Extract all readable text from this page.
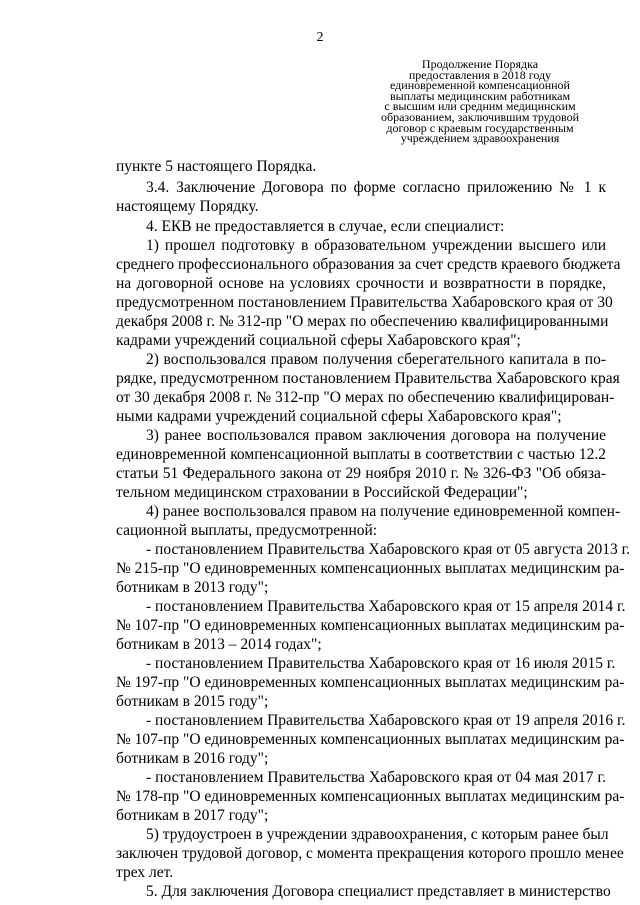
2
Продолжение Порядка
предоставления в 2018 году
единовременной компенсационной
выплаты медицинским работникам
с высшим или средним медицинским
образованием, заключившим трудовой
договор с краевым государственным
учреждением здравоохранения
пункте 5 настоящего Порядка.
3.4. Заключение Договора по форме согласно приложению № 1 к
настоящему Порядку.
4. ЕКВ не предоставляется в случае, если специалист:
1) прошел подготовку в образовательном учреждении высшего или
среднего профессионального образования за счет средств краевого бюджета
на договорной основе на условиях срочности и возвратности в порядке,
предусмотренном постановлением Правительства Хабаровского края от 30
декабря 2008 г. № 312-пр "О мерах по обеспечению квалифицированными
кадрами учреждений социальной сферы Хабаровского края";
2) воспользовался правом получения сберегательного капитала в по-
рядке, предусмотренном постановлением Правительства Хабаровского края
от 30 декабря 2008 г. № 312-пр "О мерах по обеспечению квалифицирован-
ными кадрами учреждений социальной сферы Хабаровского края";
3) ранее воспользовался правом заключения договора на получение
единовременной компенсационной выплаты в соответствии с частью 12.2
статьи 51 Федерального закона от 29 ноября 2010 г. № 326-ФЗ "Об обяза-
тельном медицинском страховании в Российской Федерации";
4) ранее воспользовался правом на получение единовременной компен-
сационной выплаты, предусмотренной:
- постановлением Правительства Хабаровского края от 05 августа 2013 г.
№ 215-пр "О единовременных компенсационных выплатах медицинским ра-
ботникам в 2013 году";
- постановлением Правительства Хабаровского края от 15 апреля 2014 г.
№ 107-пр "О единовременных компенсационных выплатах медицинским ра-
ботникам в 2013 – 2014 годах";
- постановлением Правительства Хабаровского края от 16 июля 2015 г.
№ 197-пр "О единовременных компенсационных выплатах медицинским ра-
ботникам в 2015 году";
- постановлением Правительства Хабаровского края от 19 апреля 2016 г.
№ 107-пр "О единовременных компенсационных выплатах медицинским ра-
ботникам в 2016 году";
- постановлением Правительства Хабаровского края от 04 мая 2017 г.
№ 178-пр "О единовременных компенсационных выплатах медицинским ра-
ботникам в 2017 году";
5) трудоустроен в учреждении здравоохранения, с которым ранее был
заключен трудовой договор, с момента прекращения которого прошло менее
трех лет.
5. Для заключения Договора специалист представляет в министерство
